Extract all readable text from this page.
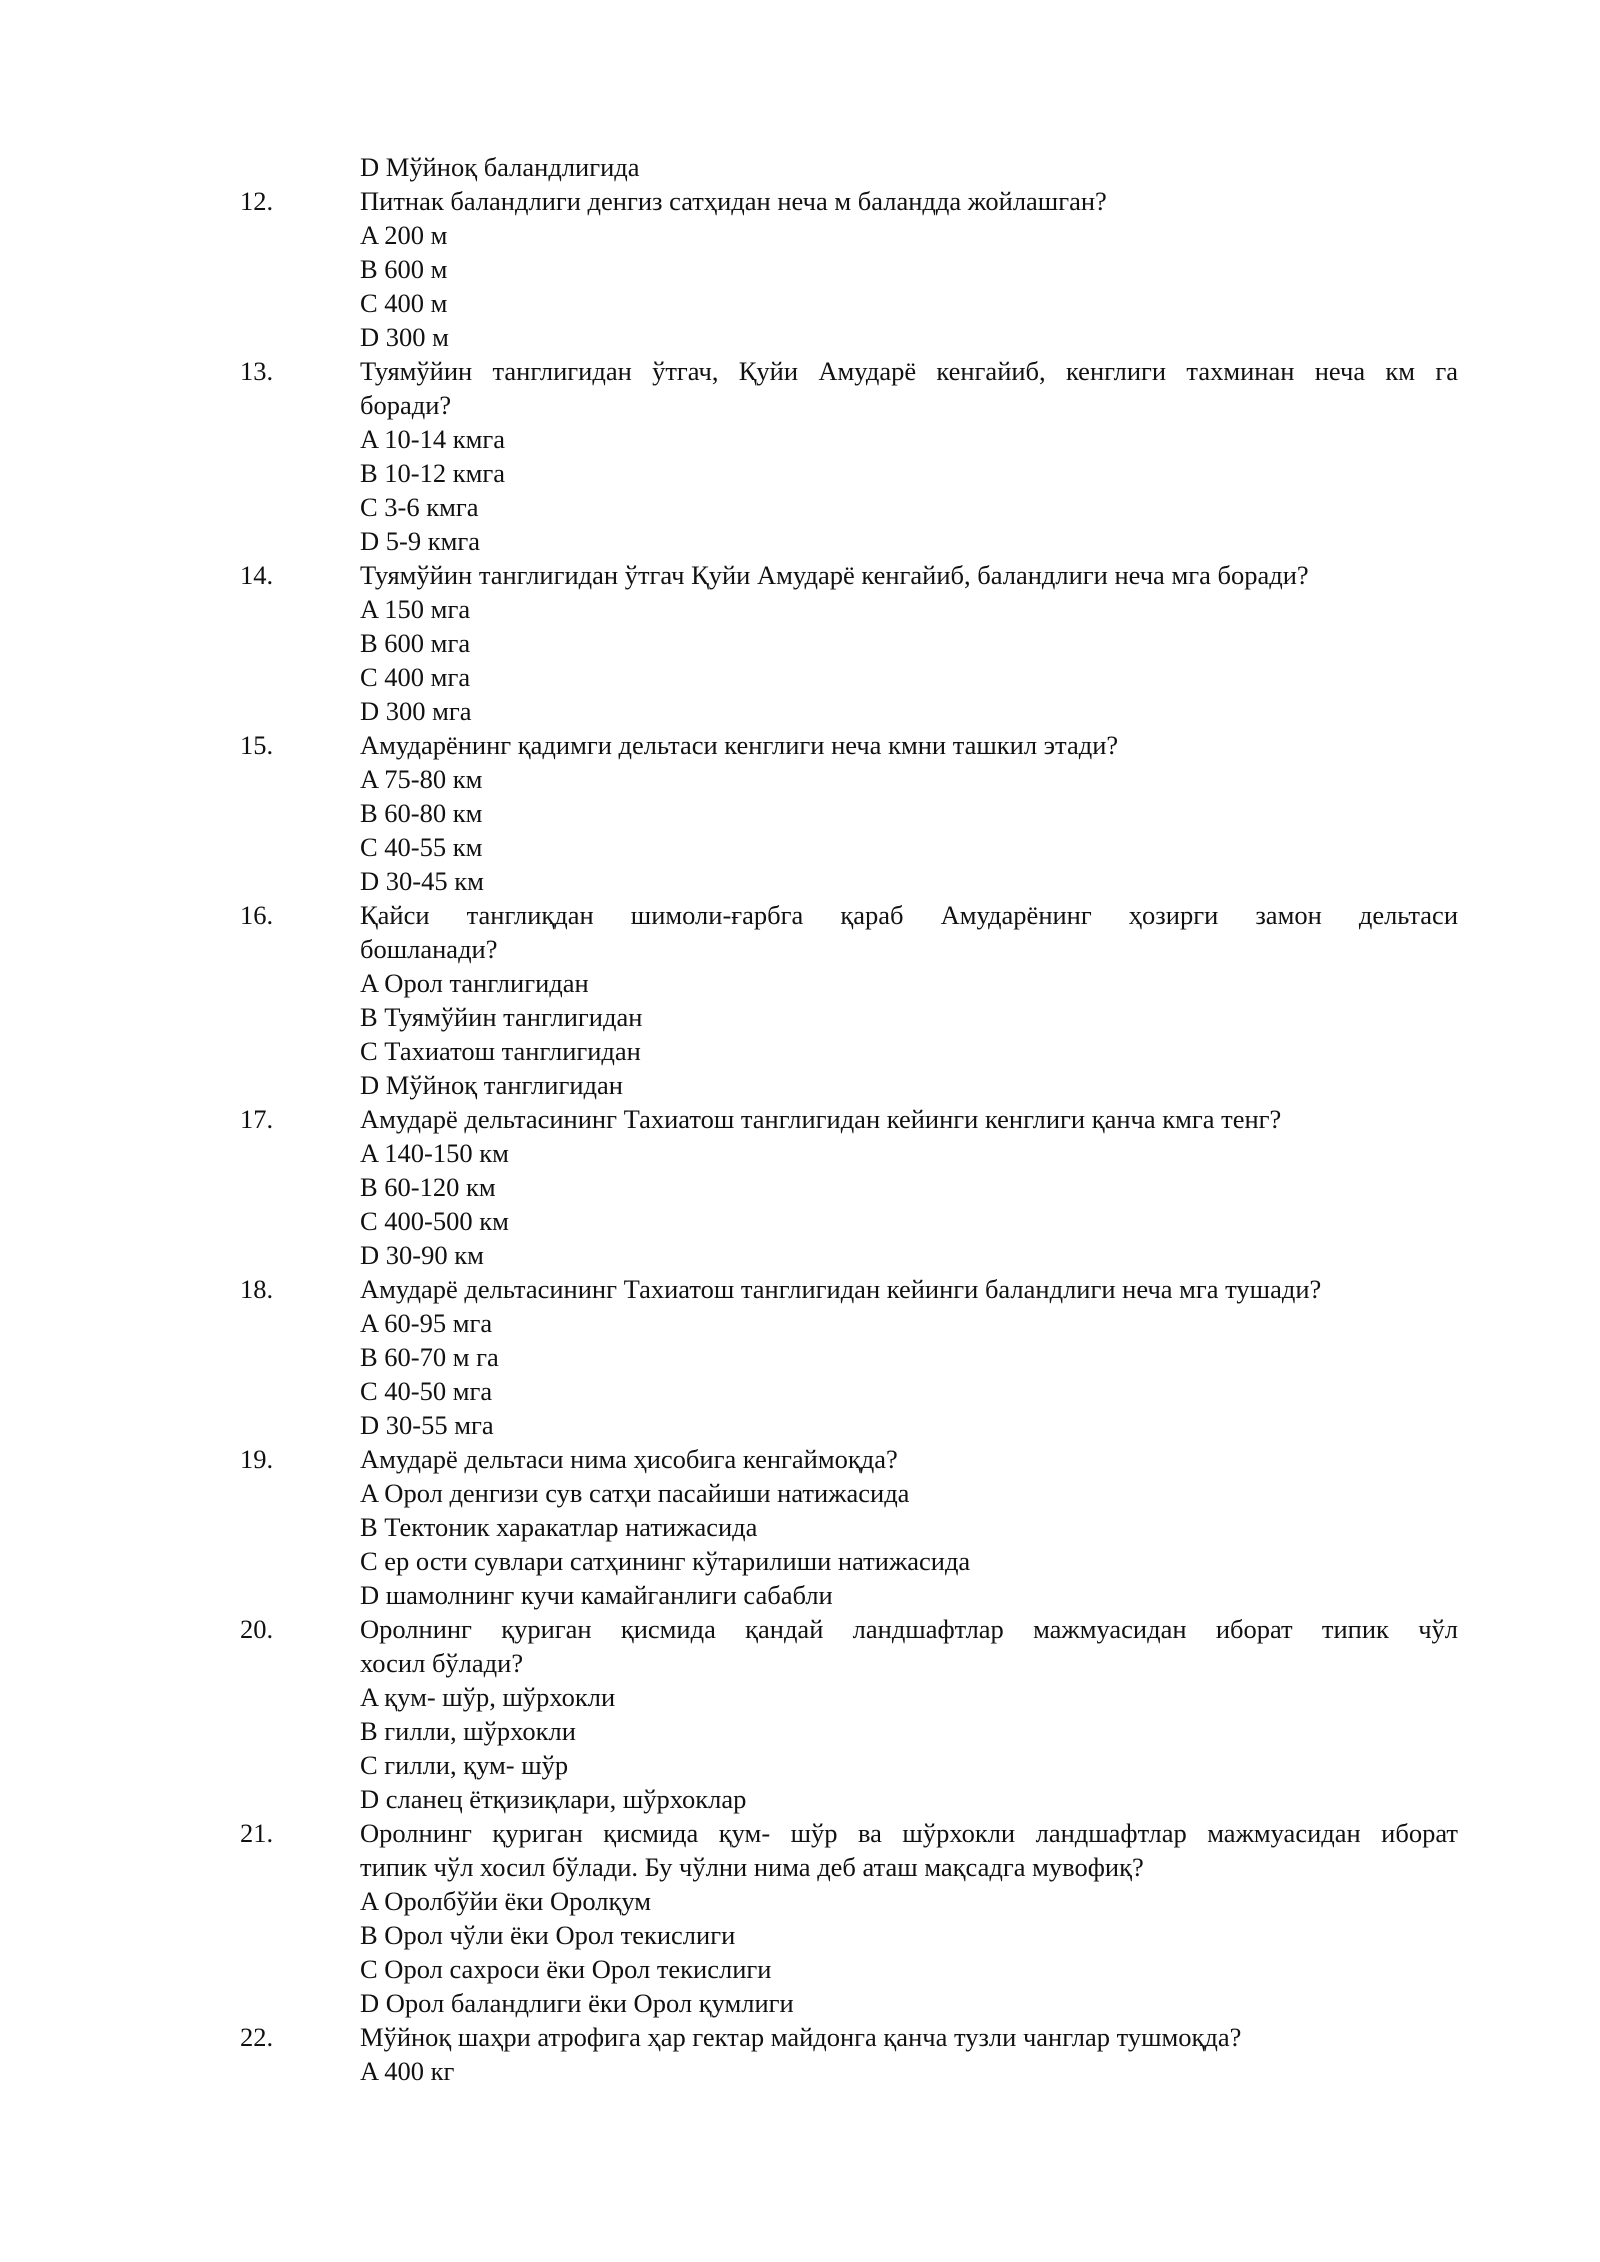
D Мўйноқ баландлигида
12.	Питнак баландлиги денгиз сатҳидан неча м баландда жойлашган?
A 200 м
B 600 м
C 400 м
D 300 м
13.	Туямўйин танглигидан ўтгач, Қуйи Амударё кенгайиб, кенглиги тахминан неча км га
боради?
A 10-14 кмга
B 10-12 кмга
C 3-6 кмга
D 5-9 кмга
14.	Туямўйин танглигидан ўтгач Қуйи Амударё кенгайиб, баландлиги неча мга боради?
A 150 мга
B 600 мга
C 400 мга
D 300 мга
15.	Амударёнинг қадимги дельтаси кенглиги неча кмни ташкил этади?
A 75-80 км
B 60-80 км
C 40-55 км
D 30-45 км
16.	Қайси танглиқдан шимоли-ғарбга қараб Амударёнинг ҳозирги замон дельтаси
бошланади?
A Орол танглигидан
B Туямўйин танглигидан
C Тахиатош танглигидан
D Мўйноқ танглигидан
17.	Амударё дельтасининг Тахиатош танглигидан кейинги кенглиги қанча кмга тенг?
A 140-150 км
B 60-120 км
C 400-500 км
D 30-90 км
18.	Амударё дельтасининг Тахиатош танглигидан кейинги баландлиги неча мга тушади?
A 60-95 мга
B 60-70 м га
C 40-50 мга
D 30-55 мга
19.	Амударё дельтаси нима ҳисобига кенгаймоқда?
A Орол денгизи сув сатҳи пасайиши натижасида
B Тектоник харакатлар натижасида
C ер ости сувлари сатҳининг кўтарилиши натижасида
D шамолнинг кучи камайганлиги сабабли
20.	Оролнинг қуриган қисмида қандай ландшафтлар мажмуасидан иборат типик чўл
хосил бўлади?
A қум- шўр, шўрхокли
B гилли, шўрхокли
C гилли, қум- шўр
D сланец ётқизиқлари, шўрхоклар
21.	Оролнинг қуриган қисмида қум- шўр ва шўрхокли ландшафтлар мажмуасидан иборат
типик чўл хосил бўлади. Бу чўлни нима деб аташ мақсадга мувофиқ?
A Оролбўйи ёки Оролқум
B Орол чўли ёки Орол текислиги
C Орол сахроси ёки Орол текислиги
D Орол баландлиги ёки Орол қумлиги
22.	Мўйноқ шаҳри атрофига ҳар гектар майдонга қанча тузли чанглар тушмоқда?
A 400 кг
